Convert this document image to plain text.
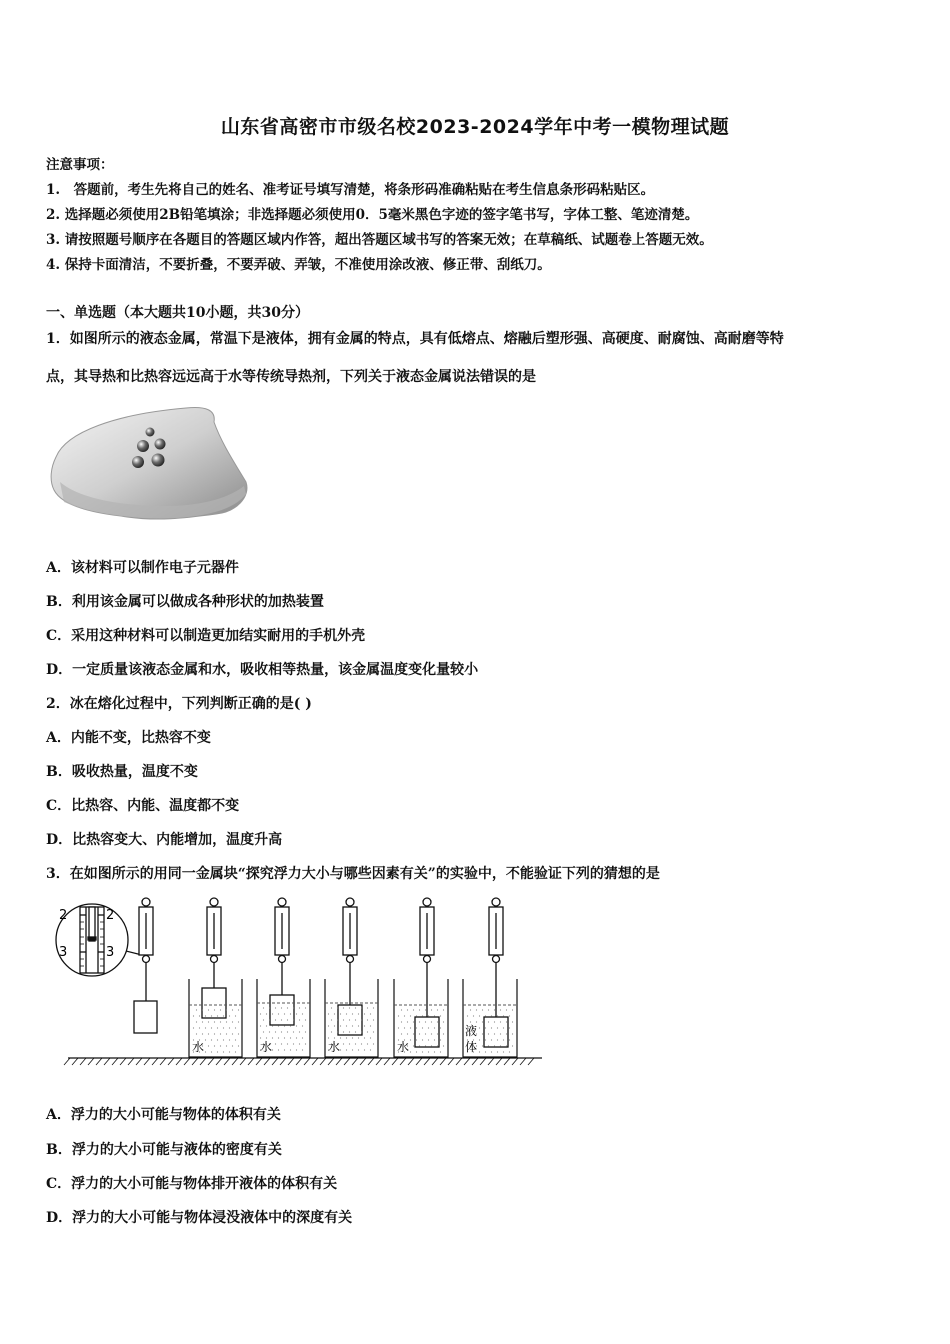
山东省高密市市级名校2023-2024学年中考一模物理试题
注意事项：
1.　答题前，考生先将自己的姓名、准考证号填写清楚，将条形码准确粘贴在考生信息条形码粘贴区。
2. 选择题必须使用2B铅笔填涂；非选择题必须使用0．5毫米黑色字迹的签字笔书写，字体工整、笔迹清楚。
3. 请按照题号顺序在各题目的答题区域内作答，超出答题区域书写的答案无效；在草稿纸、试题卷上答题无效。
4. 保持卡面清洁，不要折叠，不要弄破、弄皱，不准使用涂改液、修正带、刮纸刀。
一、单选题（本大题共10小题，共30分）
1．如图所示的液态金属，常温下是液体，拥有金属的特点，具有低熔点、熔融后塑形强、高硬度、耐腐蚀、高耐磨等特
点，其导热和比热容远远高于水等传统导热剂，下列关于液态金属说法错误的是
A．该材料可以制作电子元器件
B．利用该金属可以做成各种形状的加热装置
C．采用这种材料可以制造更加结实耐用的手机外壳
D．一定质量该液态金属和水，吸收相等热量，该金属温度变化量较小
2．冰在熔化过程中，下列判断正确的是( )
A．内能不变，比热容不变
B．吸收热量，温度不变
C．比热容、内能、温度都不变
D．比热容变大、内能增加，温度升高
3．在如图所示的用同一金属块“探究浮力大小与哪些因素有关”的实验中，不能验证下列的猜想的是
2
3
2
3
水	水	水	水
液
体
A．浮力的大小可能与物体的体积有关
B．浮力的大小可能与液体的密度有关
C．浮力的大小可能与物体排开液体的体积有关
D．浮力的大小可能与物体浸没液体中的深度有关
